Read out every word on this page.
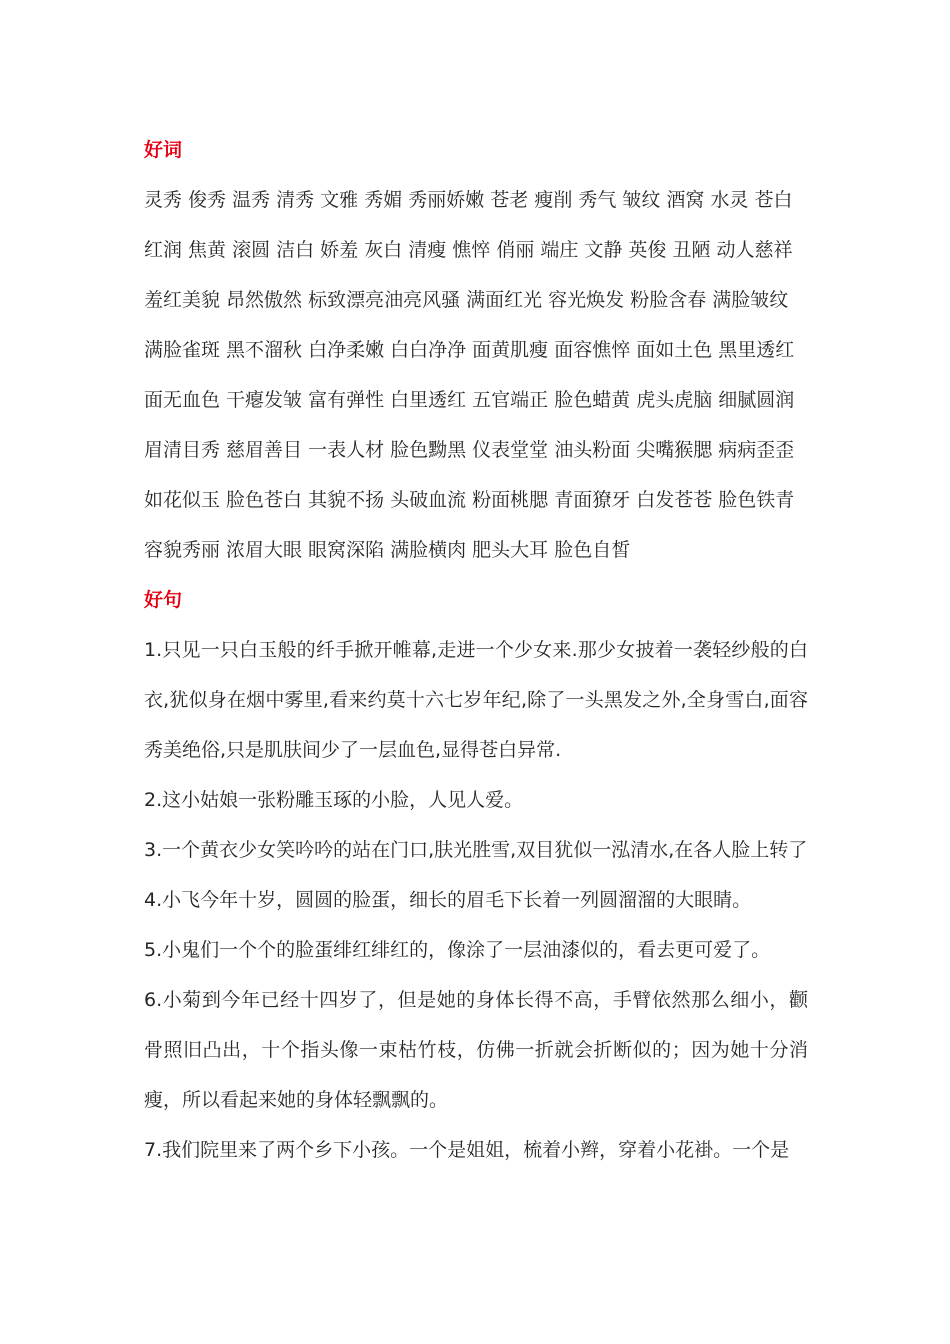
好词

灵秀 俊秀 温秀 清秀 文雅 秀媚 秀丽娇嫩 苍老 瘦削 秀气 皱纹 酒窝 水灵 苍白

红润 焦黄 滚圆 洁白 娇羞 灰白 清瘦 憔悴 俏丽 端庄 文静 英俊 丑陋 动人慈祥

羞红美貌 昂然傲然 标致漂亮油亮风骚 满面红光 容光焕发 粉脸含春 满脸皱纹

满脸雀斑 黑不溜秋 白净柔嫩 白白净净 面黄肌瘦 面容憔悴 面如土色 黑里透红

面无血色 干瘪发皱 富有弹性 白里透红 五官端正 脸色蜡黄 虎头虎脑 细腻圆润

眉清目秀 慈眉善目 一表人材 脸色黝黑 仪表堂堂 油头粉面 尖嘴猴腮 病病歪歪

如花似玉 脸色苍白 其貌不扬 头破血流 粉面桃腮 青面獠牙 白发苍苍 脸色铁青

容貌秀丽 浓眉大眼 眼窝深陷 满脸横肉 肥头大耳 脸色自皙

好句

1.只见一只白玉般的纤手掀开帷幕,走进一个少女来.那少女披着一袭轻纱般的白衣,犹似身在烟中雾里,看来约莫十六七岁年纪,除了一头黑发之外,全身雪白,面容秀美绝俗,只是肌肤间少了一层血色,显得苍白异常.

2.这小姑娘一张粉雕玉琢的小脸，人见人爱。

3.一个黄衣少女笑吟吟的站在门口,肤光胜雪,双目犹似一泓清水,在各人脸上转了

4.小飞今年十岁，圆圆的脸蛋，细长的眉毛下长着一列圆溜溜的大眼睛。

5.小鬼们一个个的脸蛋绯红绯红的，像涂了一层油漆似的，看去更可爱了。

6.小菊到今年已经十四岁了，但是她的身体长得不高，手臂依然那么细小，颧骨照旧凸出，十个指头像一束枯竹枝，仿佛一折就会折断似的；因为她十分消瘦，所以看起来她的身体轻飘飘的。

7.我们院里来了两个乡下小孩。一个是姐姐，梳着小辫，穿着小花褂。一个是
